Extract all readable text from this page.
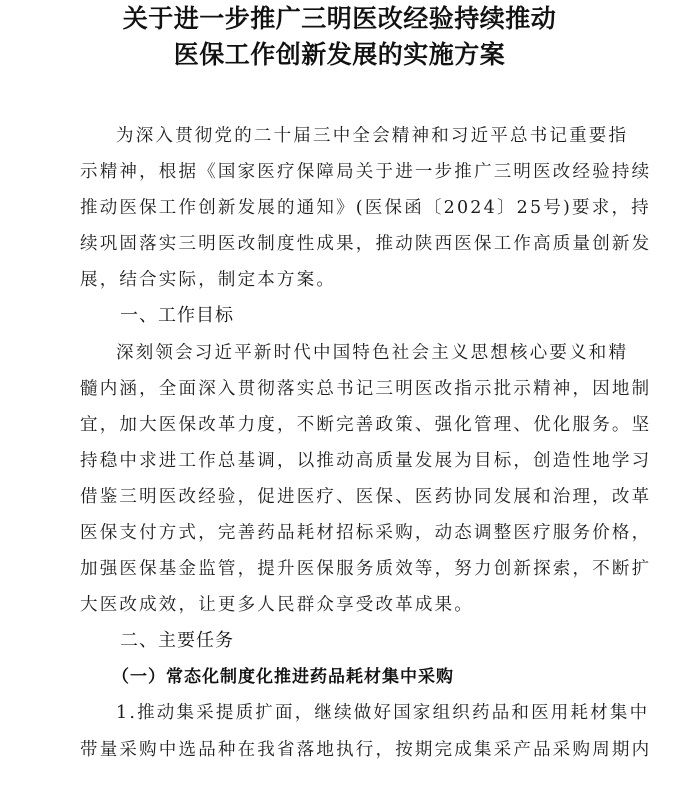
关于进一步推广三明医改经验持续推动
医保工作创新发展的实施方案
为深入贯彻党的二十届三中全会精神和习近平总书记重要指
示精神，根据《国家医疗保障局关于进一步推广三明医改经验持续
推动医保工作创新发展的通知》(医保函〔2024〕25号)要求，持
续巩固落实三明医改制度性成果，推动陕西医保工作高质量创新发
展，结合实际，制定本方案。
一、工作目标
深刻领会习近平新时代中国特色社会主义思想核心要义和精
髓内涵，全面深入贯彻落实总书记三明医改指示批示精神，因地制
宜，加大医保改革力度，不断完善政策、强化管理、优化服务。坚
持稳中求进工作总基调，以推动高质量发展为目标，创造性地学习
借鉴三明医改经验，促进医疗、医保、医药协同发展和治理，改革
医保支付方式，完善药品耗材招标采购，动态调整医疗服务价格，
加强医保基金监管，提升医保服务质效等，努力创新探索，不断扩
大医改成效，让更多人民群众享受改革成果。
二、主要任务
（一）常态化制度化推进药品耗材集中采购
1.推动集采提质扩面，继续做好国家组织药品和医用耗材集中
带量采购中选品种在我省落地执行，按期完成集采产品采购周期内
